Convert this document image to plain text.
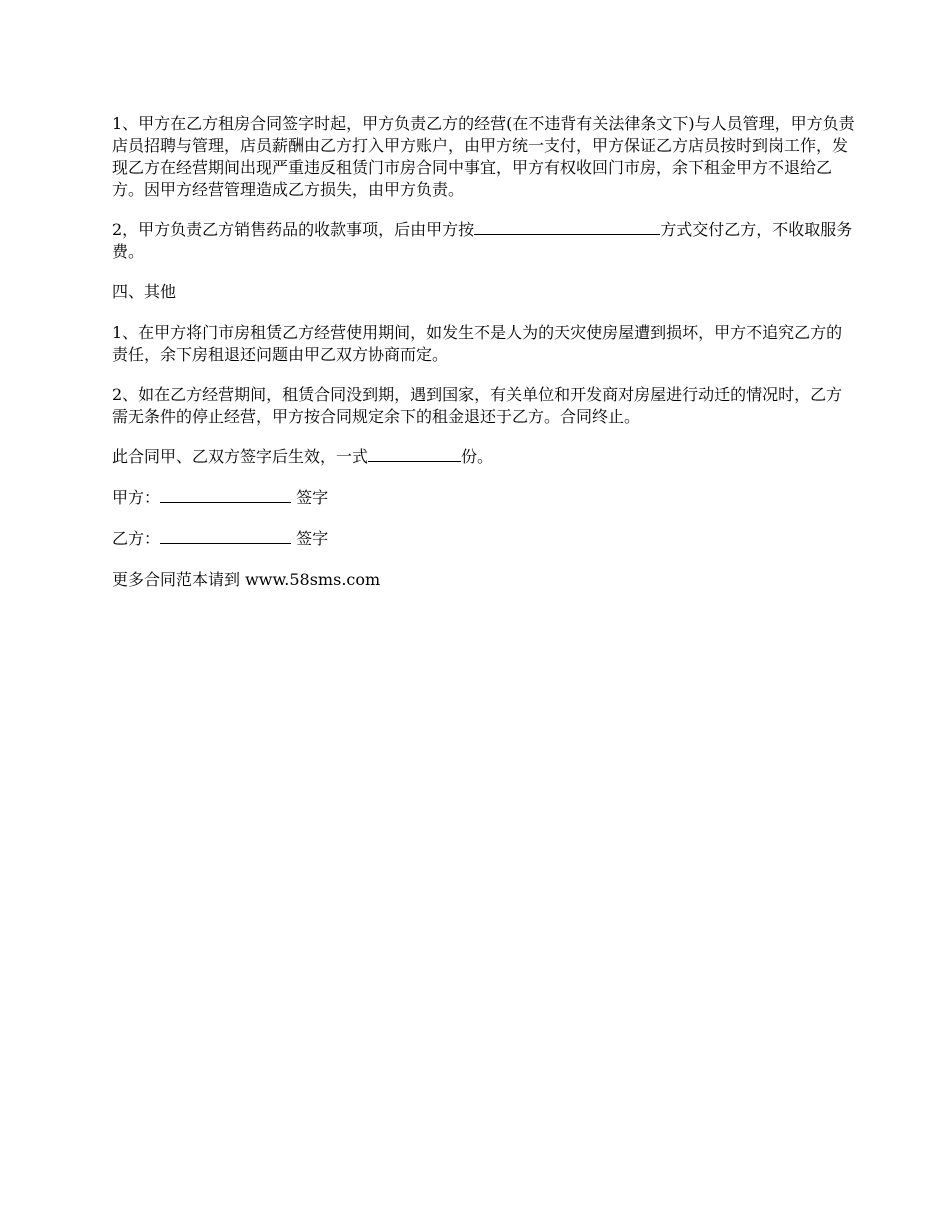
1、甲方在乙方租房合同签字时起，甲方负责乙方的经营(在不违背有关法律条文下)与人员管理，甲方负责店员招聘与管理，店员薪酬由乙方打入甲方账户，由甲方统一支付，甲方保证乙方店员按时到岗工作，发现乙方在经营期间出现严重违反租赁门市房合同中事宜，甲方有权收回门市房，余下租金甲方不退给乙方。因甲方经营管理造成乙方损失，由甲方负责。

2，甲方负责乙方销售药品的收款事项，后由甲方按	方式交付乙方，不收取服务费。

四、其他

1、在甲方将门市房租赁乙方经营使用期间，如发生不是人为的天灾使房屋遭到损坏，甲方不追究乙方的责任，余下房租退还问题由甲乙双方协商而定。

2、如在乙方经营期间，租赁合同没到期，遇到国家，有关单位和开发商对房屋进行动迁的情况时，乙方需无条件的停止经营，甲方按合同规定余下的租金退还于乙方。合同终止。

此合同甲、乙双方签字后生效，一式	份。

甲方：	签字

乙方：	签字

更多合同范本请到 www.58sms.com
